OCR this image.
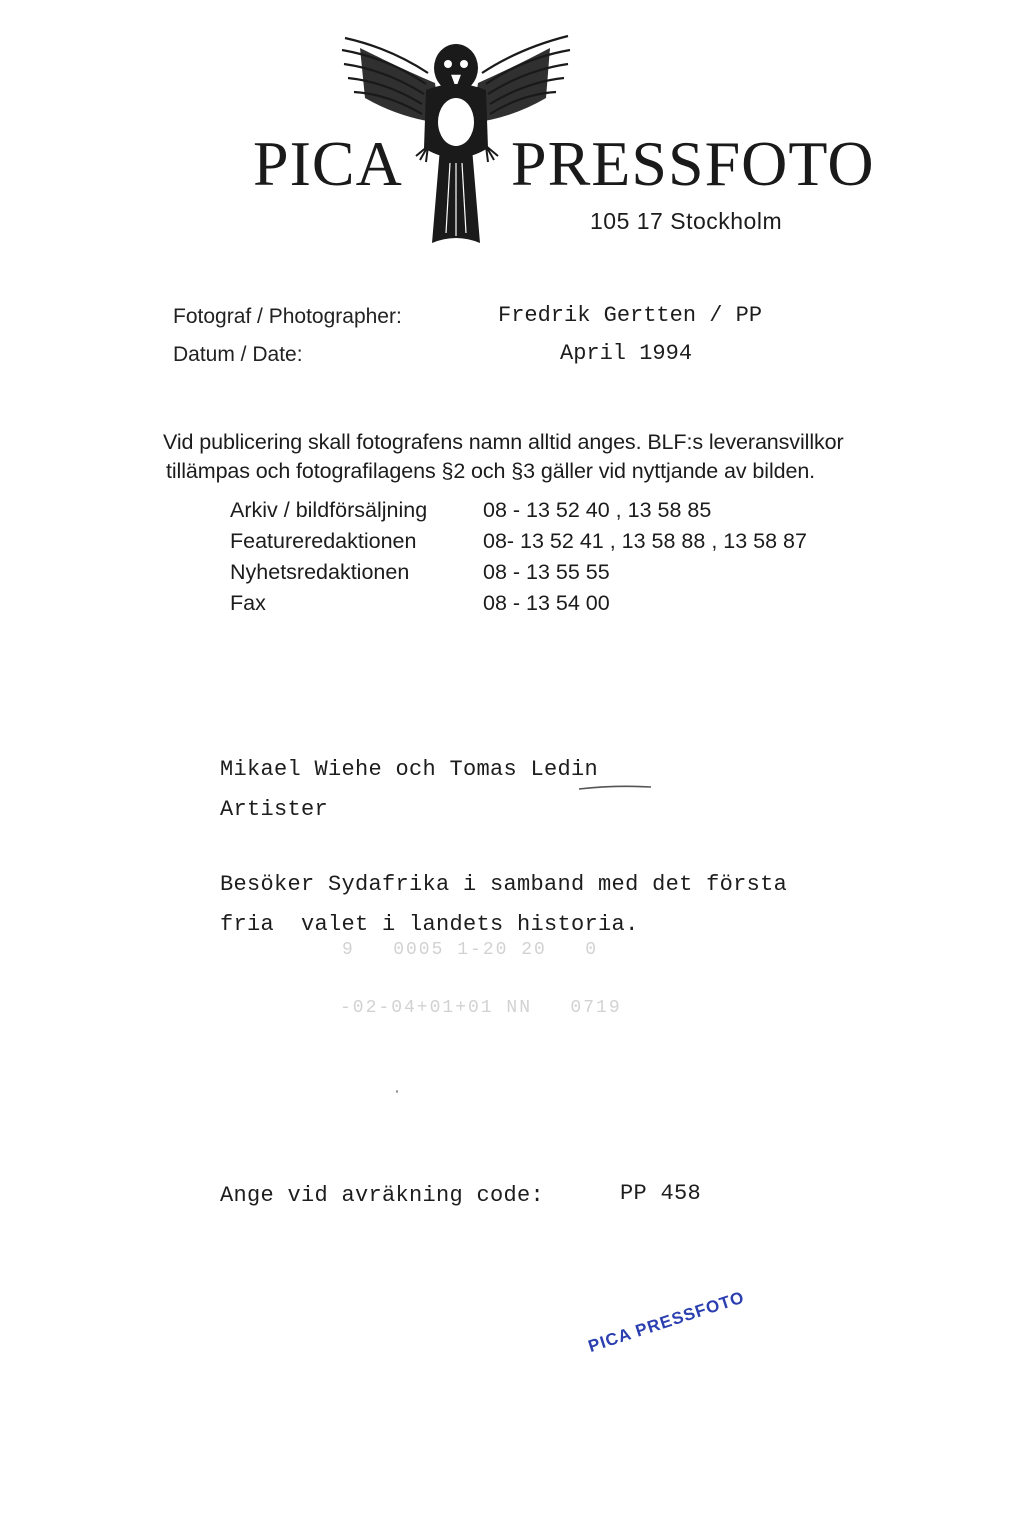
PICA PRESSFOTO
105 17 Stockholm
Fotograf / Photographer:	Fredrik Gertten / PP
Datum / Date:	April 1994
Vid publicering skall fotografens namn alltid anges. BLF:s leveransvillkor
tillämpas och fotografilagens §2 och §3 gäller vid nyttjande av bilden.
Arkiv / bildförsäljning	08 - 13 52 40 , 13 58 85
Featureredaktionen	08- 13 52 41 , 13 58 88 , 13 58 87
Nyhetsredaktionen	08 - 13 55 55
Fax	08 - 13 54 00
Mikael Wiehe och Tomas Ledin
Artister
Besöker Sydafrika i samband med det första
fria  valet i landets historia.
9   0005 1-20 20   0
-02-04+01+01 NN   0719
Ange vid avräkning code:	PP 458
PICA PRESSFOTO
